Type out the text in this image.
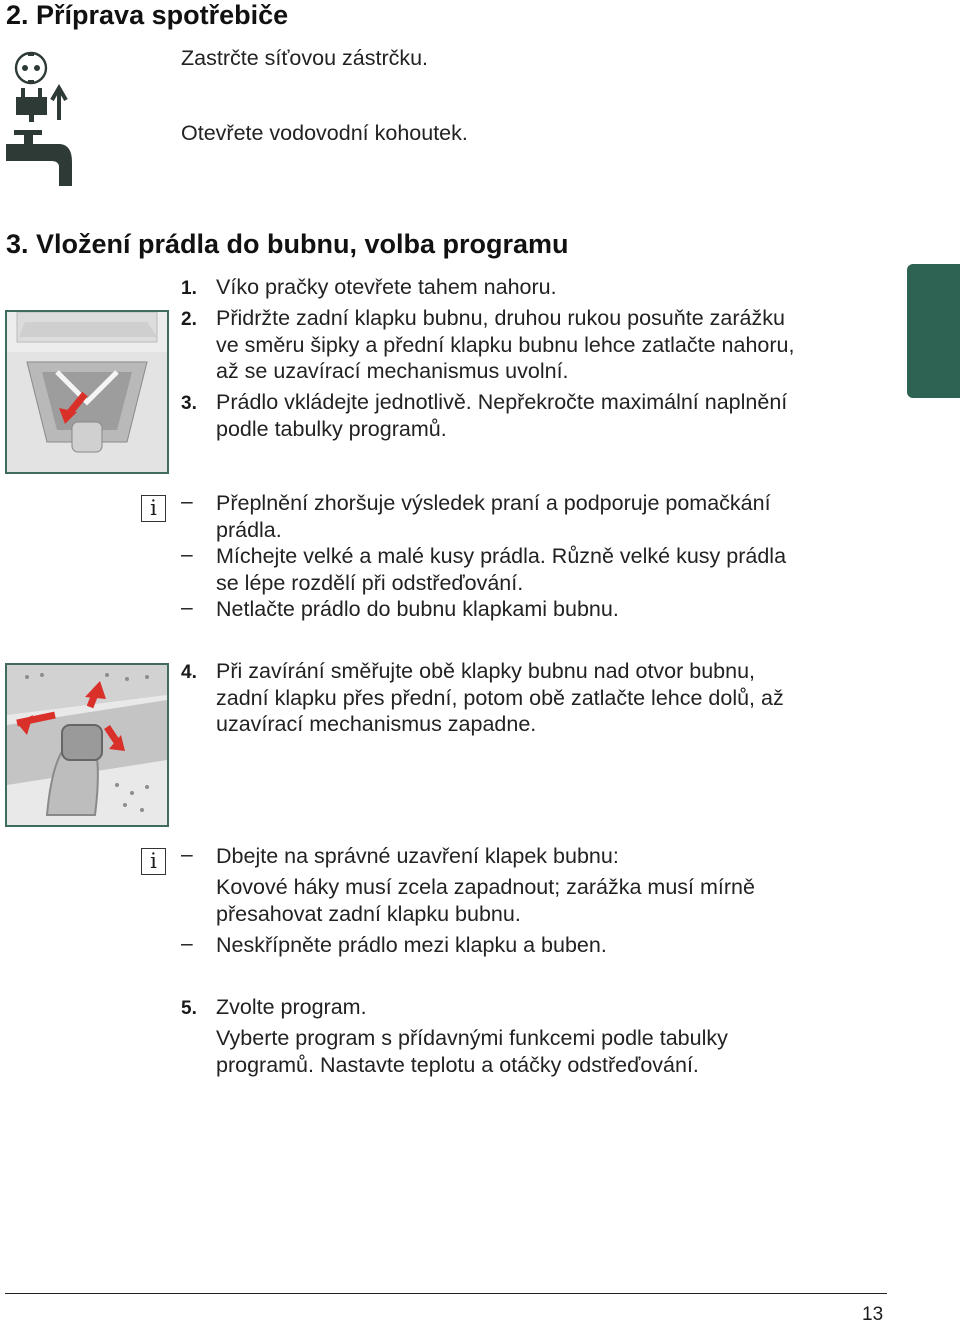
2. Příprava spotřebiče
Zastrčte síťovou zástrčku.
Otevřete vodovodní kohoutek.
3. Vložení prádla do bubnu, volba programu
1. Víko pračky otevřete tahem nahoru.
2. Přidržte zadní klapku bubnu, druhou rukou posuňte zarážku
ve směru šipky a přední klapku bubnu lehce zatlačte nahoru,
až se uzavírací mechanismus uvolní.
3. Prádlo vkládejte jednotlivě. Nepřekročte maximální naplnění
podle tabulky programů.
i	– Přeplnění zhoršuje výsledek praní a podporuje pomačkání
prádla.
– Míchejte velké a malé kusy prádla. Různě velké kusy prádla
se lépe rozdělí při odstřeďování.
– Netlačte prádlo do bubnu klapkami bubnu.
4. Při zavírání směřujte obě klapky bubnu nad otvor bubnu,
zadní klapku přes přední, potom obě zatlačte lehce dolů, až
uzavírací mechanismus zapadne.
i	– Dbejte na správné uzavření klapek bubnu:
Kovové háky musí zcela zapadnout; zarážka musí mírně
přesahovat zadní klapku bubnu.
– Neskřípněte prádlo mezi klapku a buben.
5. Zvolte program.
Vyberte program s přídavnými funkcemi podle tabulky
programů. Nastavte teplotu a otáčky odstřeďování.
13
